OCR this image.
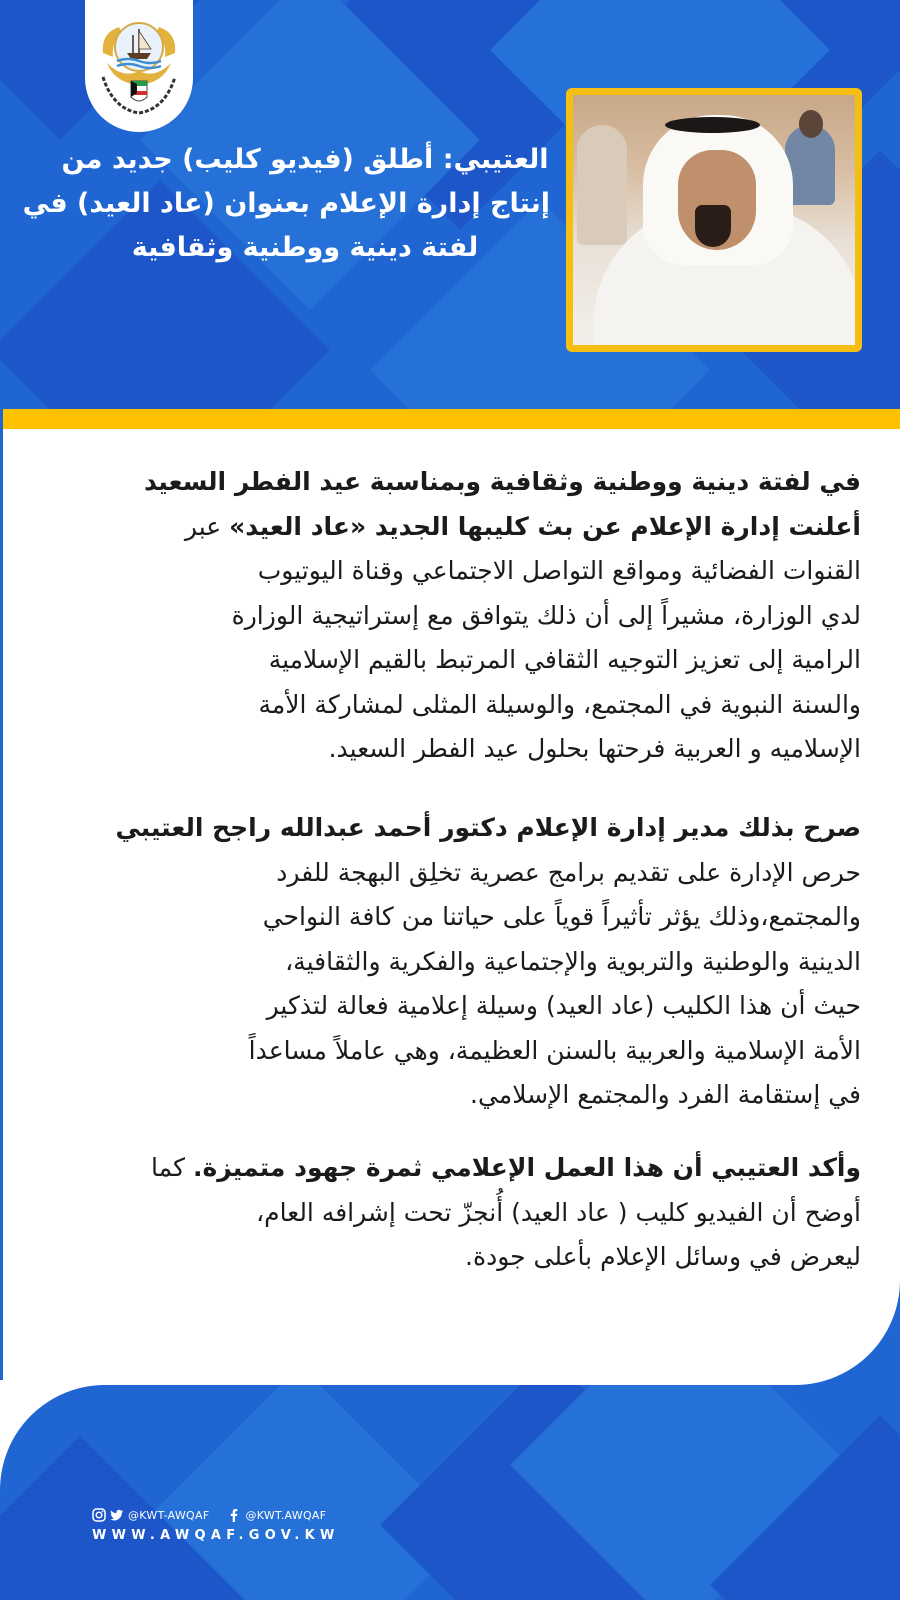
العتيبي: أطلق (فيديو كليب) جديد من
إنتاج إدارة الإعلام بعنوان (عاد العيد) في
لفتة دينية ووطنية وثقافية
في لفتة دينية ووطنية وثقافية وبمناسبة عيد الفطر السعيد
أعلنت إدارة الإعلام عن بث كليبها الجديد «عاد العيد» عبر
القنوات الفضائية ومواقع التواصل الاجتماعي وقناة اليوتيوب
لدي الوزارة، مشيراً إلى أن ذلك يتوافق مع إستراتيجية الوزارة
الرامية إلى تعزيز التوجيه الثقافي المرتبط بالقيم الإسلامية
والسنة النبوية في المجتمع، والوسيلة المثلى لمشاركة الأمة
الإسلاميه و العربية فرحتها بحلول عيد الفطر السعيد.
صرح بذلك مدير إدارة الإعلام دكتور أحمد عبدالله راجح العتيبي
حرص الإدارة على تقديم برامج عصرية تخلِق البهجة للفرد
والمجتمع،وذلك يؤثر تأثيراً قوياً على حياتنا من كافة النواحي
الدينية والوطنية والتربوية والإجتماعية والفكرية والثقافية،
حيث أن هذا الكليب (عاد العيد) وسيلة إعلامية فعالة لتذكير
الأمة الإسلامية والعربية بالسنن العظيمة، وهي عاملاً مساعداً
في إستقامة الفرد والمجتمع الإسلامي.
وأكد العتيبي أن هذا العمل الإعلامي ثمرة جهود متميزة. كما
أوضح أن الفيديو كليب ( عاد العيد) أُنجزّ تحت إشرافه العام،
ليعرض في وسائل الإعلام بأعلى جودة.
@KWT-AWQAF	@KWT.AWQAF
WWW.AWQAF.GOV.KW
